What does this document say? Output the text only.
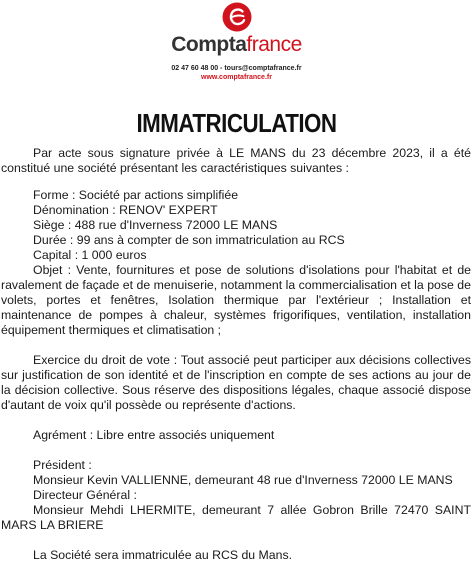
Comptafrance
02 47 60 48 00 - tours@comptafrance.fr
www.comptafrance.fr
IMMATRICULATION

Par acte sous signature privée à LE MANS du 23 décembre 2023, il a été constitué une société présentant les caractéristiques suivantes :

Forme : Société par actions simplifiée

Dénomination : RENOV' EXPERT

Siège : 488 rue d'Inverness 72000 LE MANS

Durée : 99 ans à compter de son immatriculation au RCS

Capital : 1 000 euros

Objet : Vente, fournitures et pose de solutions d'isolations pour l'habitat et de ravalement de façade et de menuiserie, notamment la commercialisation et la pose de volets, portes et fenêtres, Isolation thermique par l'extérieur ; Installation et maintenance de pompes à chaleur, systèmes frigorifiques, ventilation, installation équipement thermiques et climatisation ;

Exercice du droit de vote : Tout associé peut participer aux décisions collectives sur justification de son identité et de l'inscription en compte de ses actions au jour de la décision collective. Sous réserve des dispositions légales, chaque associé dispose d'autant de voix qu'il possède ou représente d'actions.

Agrément : Libre entre associés uniquement

Président :

Monsieur Kevin VALLIENNE, demeurant 48 rue d'Inverness 72000 LE MANS

Directeur Général :

Monsieur Mehdi LHERMITE, demeurant 7 allée Gobron Brille 72470 SAINT MARS LA BRIERE

La Société sera immatriculée au RCS du Mans.
